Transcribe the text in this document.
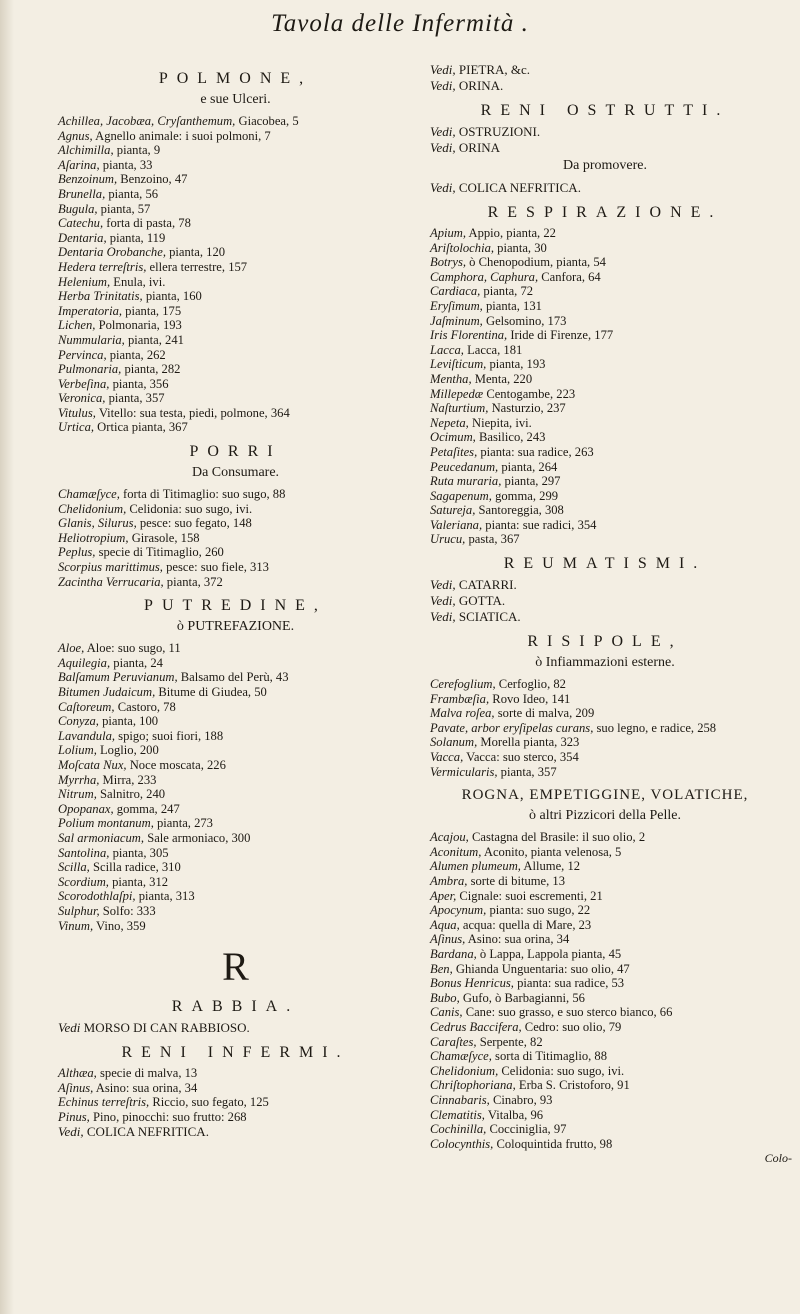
Tavola delle Infermità .
POLMONE,
e sue Ulceri.
Achillea, Jacobæa, Cryſanthemum, Giacobea, 5
Agnus, Agnello animale: i suoi polmoni, 7
Alchimilla, pianta, 9
Aſarina, pianta, 33
Benzoinum, Benzoino, 47
Brunella, pianta, 56
Bugula, pianta, 57
Catechu, forta di pasta, 78
Dentaria, pianta, 119
Dentaria Orobanche, pianta, 120
Hedera terreſtris, ellera terrestre, 157
Helenium, Enula, ivi.
Herba Trinitatis, pianta, 160
Imperatoria, pianta, 175
Lichen, Polmonaria, 193
Nummularia, pianta, 241
Pervinca, pianta, 262
Pulmonaria, pianta, 282
Verbeſina, pianta, 356
Veronica, pianta, 357
Vitulus, Vitello: sua testa, piedi, polmone, 364
Urtica, Ortica pianta, 367
PORRI
Da Consumare.
Chamæſyce, forta di Titimaglio: suo sugo, 88
Chelidonium, Celidonia: suo sugo, ivi.
Glanis, Silurus, pesce: suo fegato, 148
Heliotropium, Girasole, 158
Peplus, specie di Titimaglio, 260
Scorpius marittimus, pesce: suo fiele, 313
Zacintha Verrucaria, pianta, 372
PUTREDINE,
ò PUTREFAZIONE.
Aloe, Aloe: suo sugo, 11
Aquilegia, pianta, 24
Balſamum Peruvianum, Balsamo del Perù, 43
Bitumen Judaicum, Bitume di Giudea, 50
Caſtoreum, Castoro, 78
Conyza, pianta, 100
Lavandula, spigo; suoi fiori, 188
Lolium, Loglio, 200
Moſcata Nux, Noce moscata, 226
Myrrha, Mirra, 233
Nitrum, Salnitro, 240
Opopanax, gomma, 247
Polium montanum, pianta, 273
Sal armoniacum, Sale armoniaco, 300
Santolina, pianta, 305
Scilla, Scilla radice, 310
Scordium, pianta, 312
Scorodothlaſpi, pianta, 313
Sulphur, Solfo: 333
Vinum, Vino, 359
R
RABBIA.
Vedi MORSO DI CAN RABBIOSO.
RENI INFERMI.
Althæa, specie di malva, 13
Aſinus, Asino: sua orina, 34
Echinus terreſtris, Riccio, suo fegato, 125
Pinus, Pino, pinocchi: suo frutto: 268
Vedi, COLICA NEFRITICA.
Vedi, PIETRA, &c.
Vedi, ORINA.
RENI OSTRUTTI.
Vedi, OSTRUZIONI.
Vedi, ORINA
Da promovere.
Vedi, COLICA NEFRITICA.
RESPIRAZIONE.
Apium, Appio, pianta, 22
Ariſtolochia, pianta, 30
Botrys, ò Chenopodium, pianta, 54
Camphora, Caphura, Canfora, 64
Cardiaca, pianta, 72
Eryſimum, pianta, 131
Jaſminum, Gelsomino, 173
Iris Florentina, Iride di Firenze, 177
Lacca, Lacca, 181
Leviſticum, pianta, 193
Mentha, Menta, 220
Millepedæ Centogambe, 223
Naſturtium, Nasturzio, 237
Nepeta, Niepita, ivi.
Ocimum, Basilico, 243
Petaſites, pianta: sua radice, 263
Peucedanum, pianta, 264
Ruta muraria, pianta, 297
Sagapenum, gomma, 299
Satureja, Santoreggia, 308
Valeriana, pianta: sue radici, 354
Urucu, pasta, 367
REUMATISMI.
Vedi, CATARRI.
Vedi, GOTTA.
Vedi, SCIATICA.
RISIPOLE,
ò Infiammazioni esterne.
Cerefoglium, Cerfoglio, 82
Frambæſia, Rovo Ideo, 141
Malva roſea, sorte di malva, 209
Pavate, arbor eryſipelas curans, suo legno, e radice, 258
Solanum, Morella pianta, 323
Vacca, Vacca: suo sterco, 354
Vermicularis, pianta, 357
ROGNA, EMPETIGGINE, VOLATICHE,
ò altri Pizzicori della Pelle.
Acajou, Castagna del Brasile: il suo olio, 2
Aconitum, Aconito, pianta velenosa, 5
Alumen plumeum, Allume, 12
Ambra, sorte di bitume, 13
Aper, Cignale: suoi escrementi, 21
Apocynum, pianta: suo sugo, 22
Aqua, acqua: quella di Mare, 23
Aſinus, Asino: sua orina, 34
Bardana, ò Lappa, Lappola pianta, 45
Ben, Ghianda Unguentaria: suo olio, 47
Bonus Henricus, pianta: sua radice, 53
Bubo, Gufo, ò Barbagianni, 56
Canis, Cane: suo grasso, e suo sterco bianco, 66
Cedrus Baccifera, Cedro: suo olio, 79
Caraſtes, Serpente, 82
Chamæſyce, sorta di Titimaglio, 88
Chelidonium, Celidonia: suo sugo, ivi.
Chriſtophoriana, Erba S. Cristoforo, 91
Cinnabaris, Cinabro, 93
Clematitis, Vitalba, 96
Cochinilla, Cocciniglia, 97
Colocynthis, Coloquintida frutto, 98
Colo-
